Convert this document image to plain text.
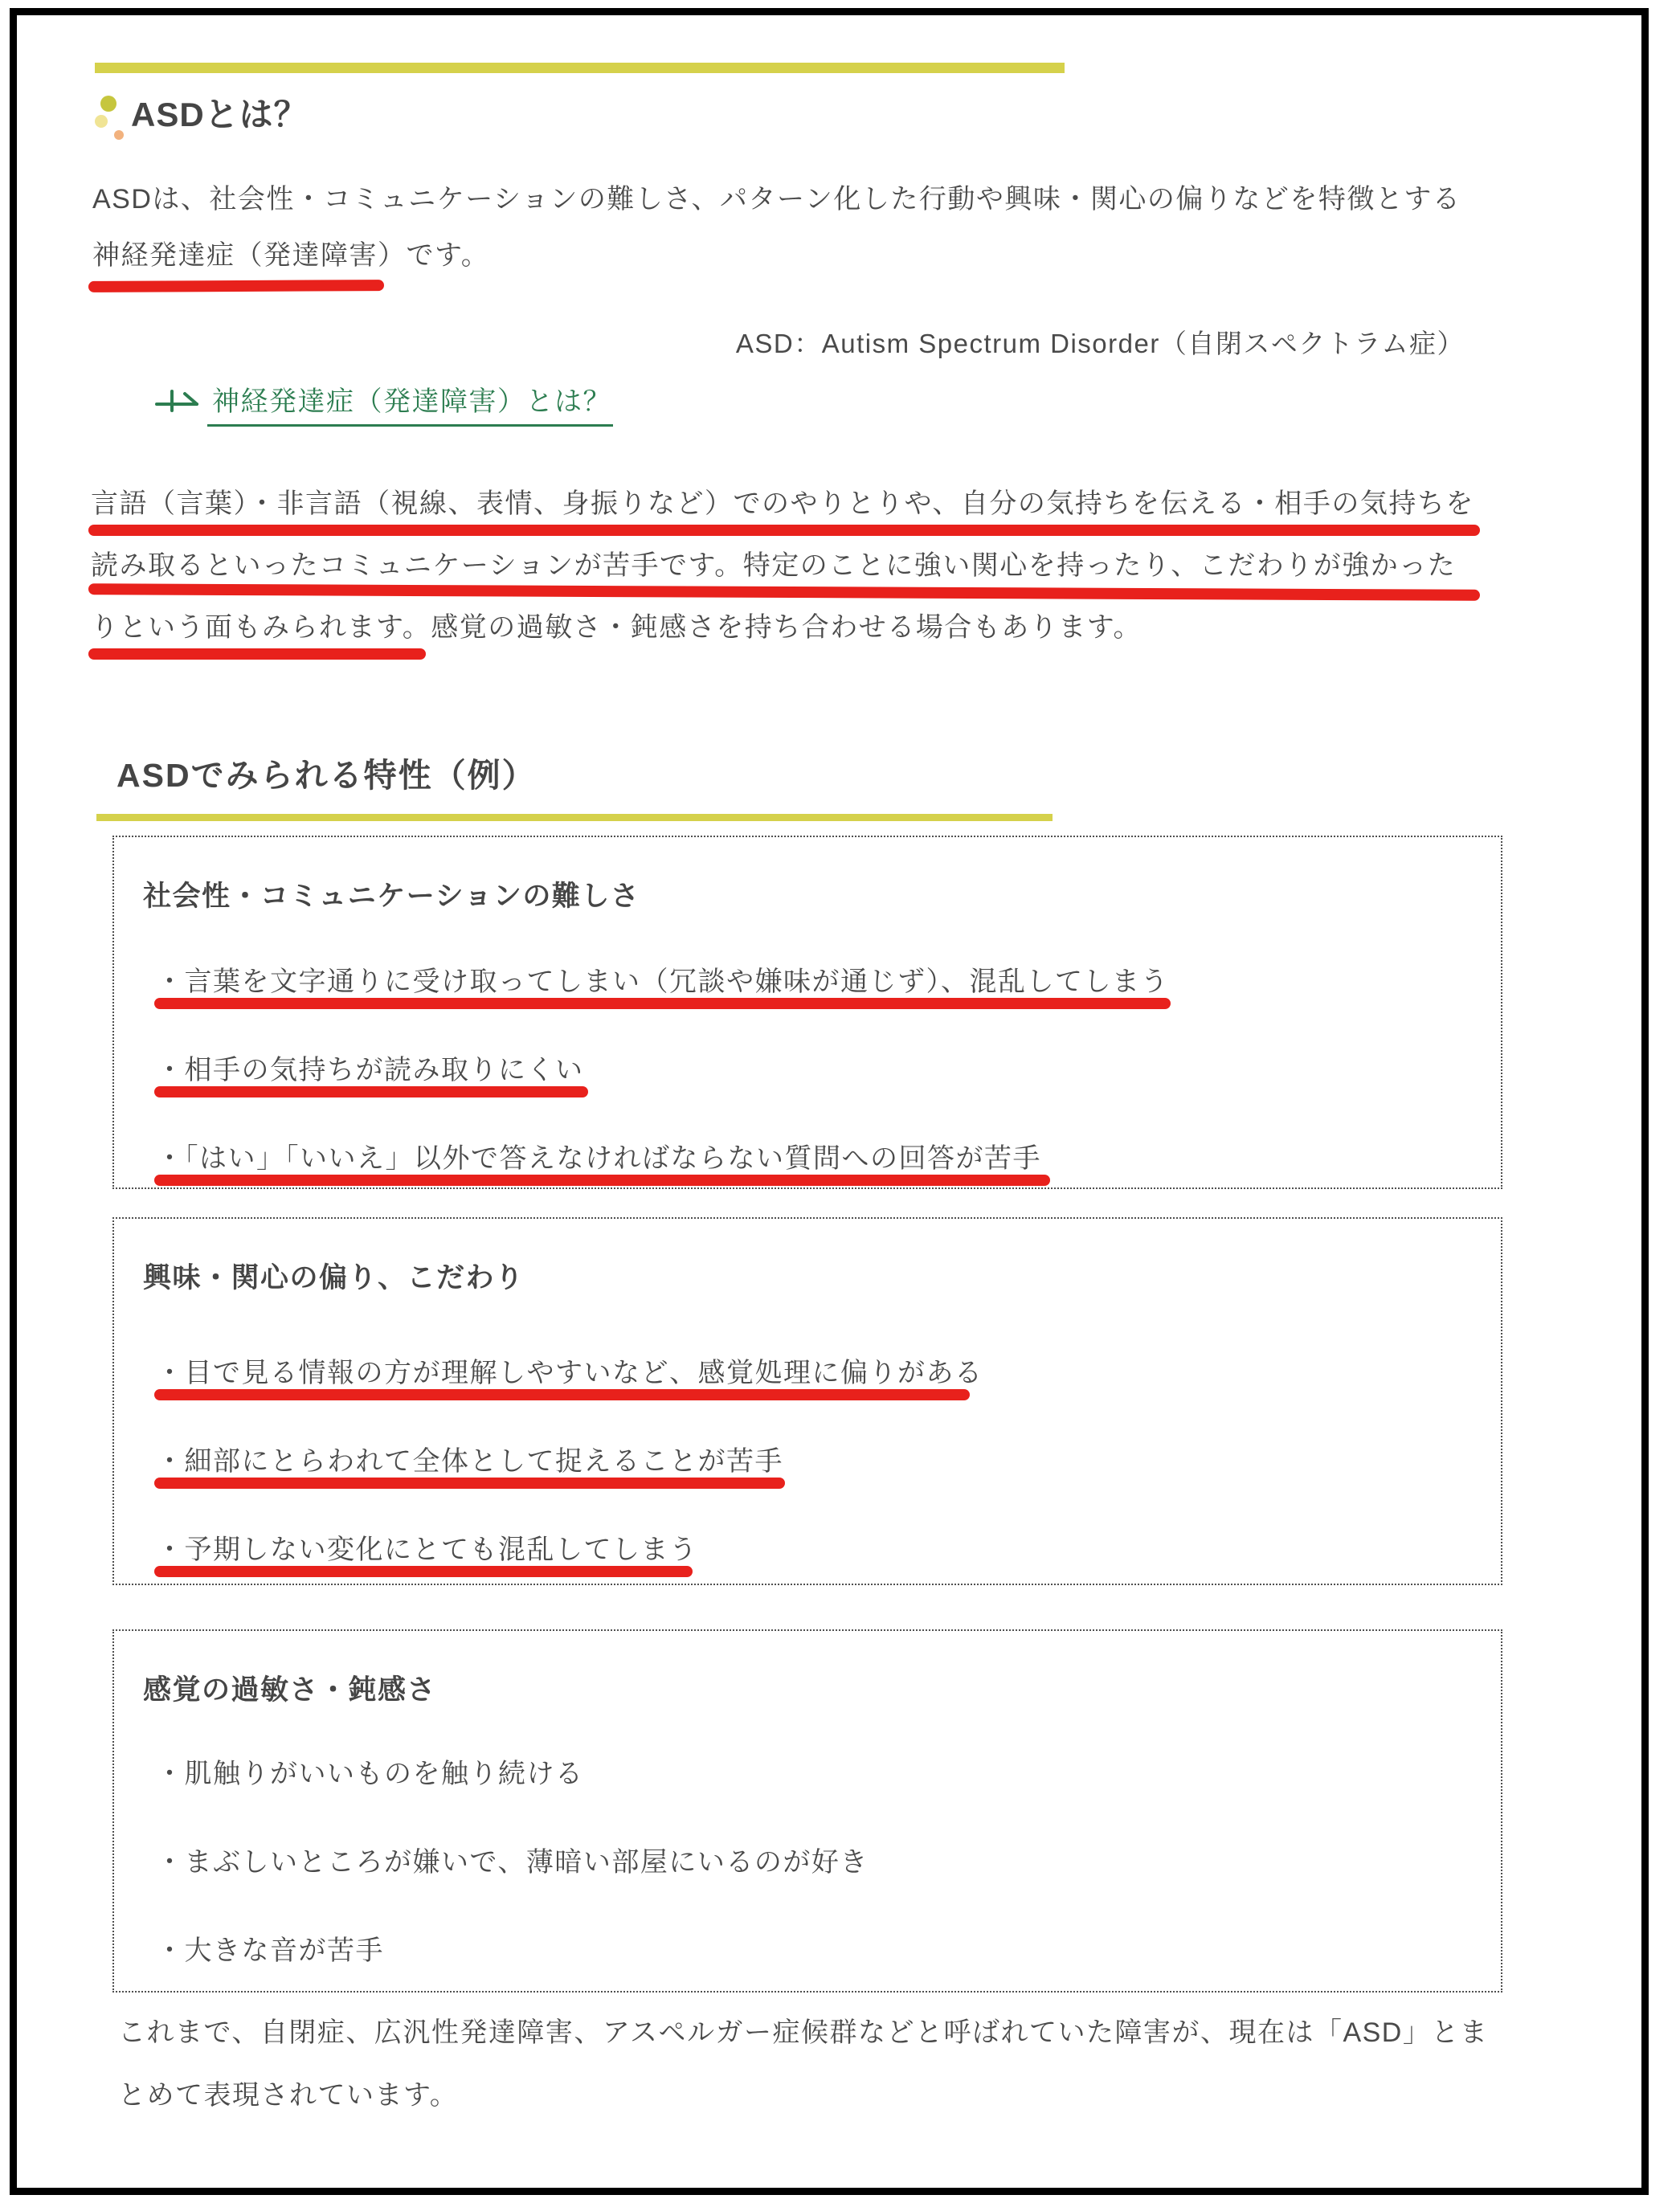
ASDとは？
ASDは、社会性・コミュニケーションの難しさ、パターン化した行動や興味・関心の偏りなどを特徴とする
神経発達症（発達障害）です。
ASD：Autism Spectrum Disorder（自閉スペクトラム症）
神経発達症（発達障害）とは？
言語（言葉）・非言語（視線、表情、身振りなど）でのやりとりや、自分の気持ちを伝える・相手の気持ちを
読み取るといったコミュニケーションが苦手です。特定のことに強い関心を持ったり、こだわりが強かった
りという面もみられます。感覚の過敏さ・鈍感さを持ち合わせる場合もあります。
ASDでみられる特性（例）
社会性・コミュニケーションの難しさ
・言葉を文字通りに受け取ってしまい（冗談や嫌味が通じず）、混乱してしまう
・相手の気持ちが読み取りにくい
・「はい」「いいえ」以外で答えなければならない質問への回答が苦手
興味・関心の偏り、こだわり
・目で見る情報の方が理解しやすいなど、感覚処理に偏りがある
・細部にとらわれて全体として捉えることが苦手
・予期しない変化にとても混乱してしまう
感覚の過敏さ・鈍感さ
・肌触りがいいものを触り続ける
・まぶしいところが嫌いで、薄暗い部屋にいるのが好き
・大きな音が苦手
これまで、自閉症、広汎性発達障害、アスペルガー症候群などと呼ばれていた障害が、現在は「ASD」とま
とめて表現されています。
